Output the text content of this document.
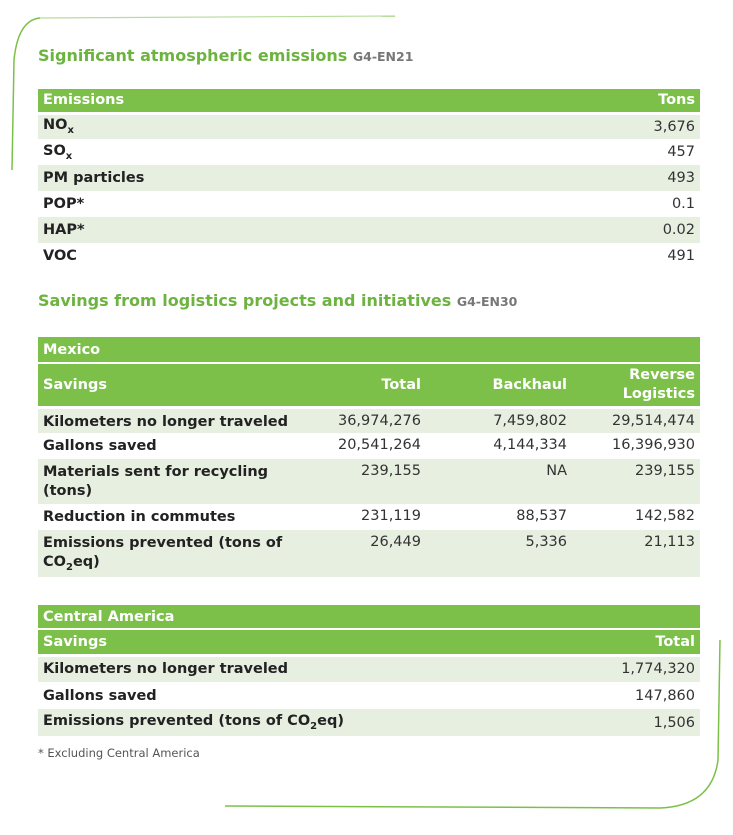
Significant atmospheric emissions G4-EN21
Emissions	Tons
$NO_x$	3,676
$SO_x$	457
PM particles	493
POP*	0.1
HAP*	0.02
VOC	491
Savings from logistics projects and initiatives G4-EN30
Mexico			
Savings	Total	Backhaul	Reverse
Logistics
Kilometers no longer traveled	36,974,276	7,459,802	29,514,474
Gallons saved	20,541,264	4,144,334	16,396,930
Materials sent for recycling
(tons)	239,155	NA	239,155
Reduction in commutes	231,119	88,537	142,582
Emissions prevented (tons of
$CO_2eq$)	26,449	5,336	21,113
Central America	
Savings	Total
Kilometers no longer traveled	1,774,320
Gallons saved	147,860
Emissions prevented (tons of $CO_2eq$)	1,506
* Excluding Central America
